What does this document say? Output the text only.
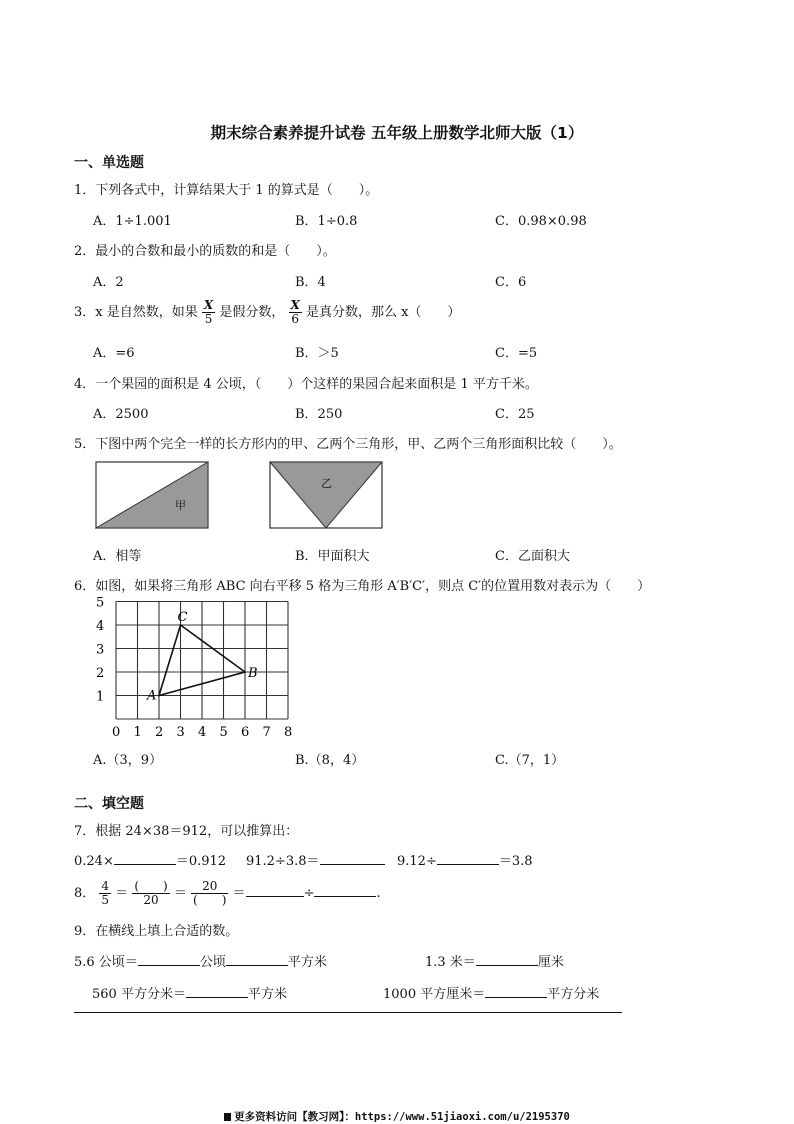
期末综合素养提升试卷 五年级上册数学北师大版（1）
一、单选题
1．下列各式中，计算结果大于 1 的算式是（　　）。
A．1÷1.001	B．1÷0.8	C．0.98×0.98
2．最小的合数和最小的质数的和是（　　）。
A．2	B．4	C．6
3．x 是自然数，如果 $\frac{X}{5}$ 是假分数， $\frac{X}{6}$ 是真分数，那么 x（　　）
A．=6	B．＞5	C．=5
4．一个果园的面积是 4 公顷，（　　）个这样的果园合起来面积是 1 平方千米。
A．2500	B．250	C．25
5．下图中两个完全一样的长方形内的甲、乙两个三角形，甲、乙两个三角形面积比较（　　）。
甲
乙
A．相等	B．甲面积大	C．乙面积大
6．如图，如果将三角形 ABC 向右平移 5 格为三角形 A′B′C′，则点 C′的位置用数对表示为（　　）
0 1 2 3 4 5 6 7 8
1
2
3
4
5
A
B
C
A.（3，9）	B.（8，4）	C.（7，1）
二、填空题
7．根据 24×38＝912，可以推算出：
0.24×	＝0.912 91.2÷3.8＝	9.12÷	＝3.8
8． $\frac{4}{5} = \frac{( )}{20} = \frac{20}{( )}$ ＝	÷	.
9．在横线上填上合适的数。
5.6 公顷＝	公顷	平方米	1.3 米＝	厘米
560 平方分米＝	平方米	1000 平方厘米＝	平方分米
更多资料访问【教习网】：https://www.51jiaoxi.com/u/2195370
